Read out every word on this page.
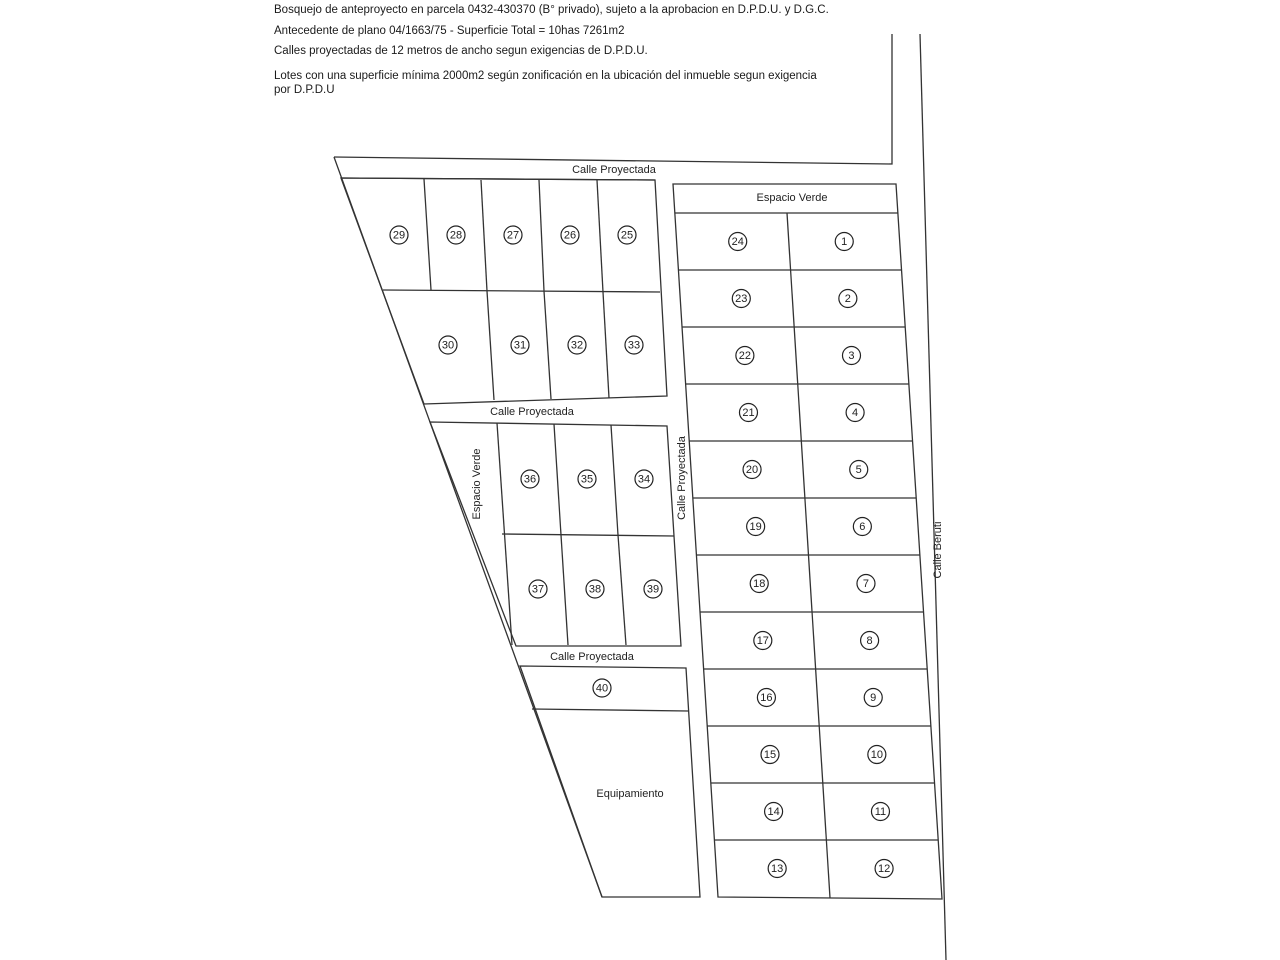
Bosquejo de anteproyecto en parcela 0432-430370 (B° privado), sujeto a la aprobacion en D.P.D.U. y D.G.C.
Antecedente de plano 04/1663/75 - Superficie Total = 10has 7261m2
Calles proyectadas de 12 metros de ancho segun exigencias de D.P.D.U.
Lotes con una superficie mínima 2000m2 según zonificación en la ubicación del inmueble segun exigencia
por D.P.D.U
24	1
23	2
22	3
21	4
20	5
19	6
18	7
17	8
16	9
15	10
14	11
13	12
29	28	27	26	25
30	31	32	33
36	35	34
37	38	39
40
Calle Proyectada
Calle Proyectada
Calle Proyectada
Calle Proyectada
Calle Beruti
Espacio Verde
Espacio Verde
Equipamiento
